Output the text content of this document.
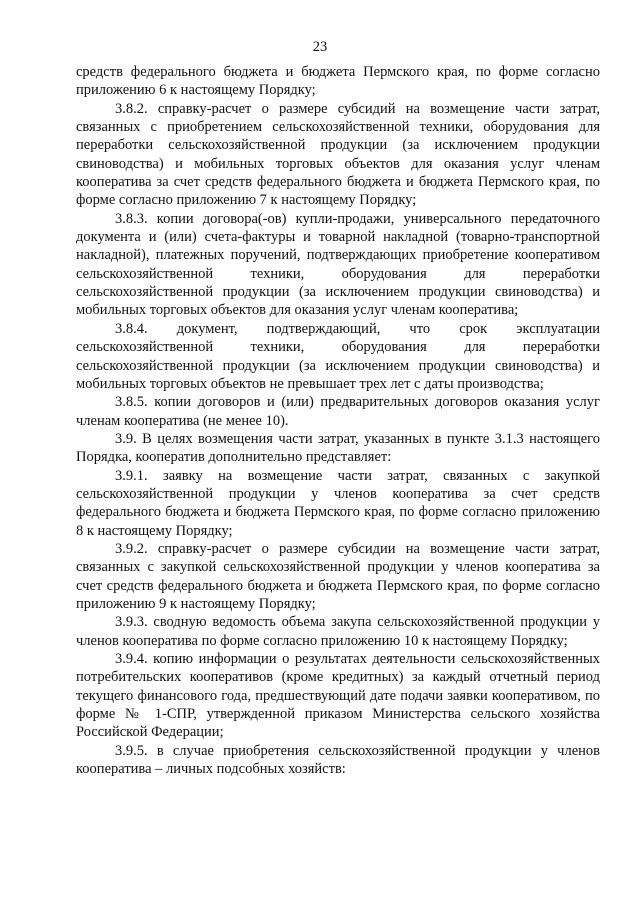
23

средств федерального бюджета и бюджета Пермского края, по форме согласно приложению 6 к настоящему Порядку;

3.8.2. справку-расчет о размере субсидий на возмещение части затрат, связанных с приобретением сельскохозяйственной техники, оборудования для переработки сельскохозяйственной продукции (за исключением продукции свиноводства) и мобильных торговых объектов для оказания услуг членам кооператива за счет средств федерального бюджета и бюджета Пермского края, по форме согласно приложению 7 к настоящему Порядку;

3.8.3. копии договора(-ов) купли-продажи, универсального передаточного документа и (или) счета-фактуры и товарной накладной (товарно-транспортной накладной), платежных поручений, подтверждающих приобретение кооперативом сельскохозяйственной техники, оборудования для переработки сельскохозяйственной продукции (за исключением продукции свиноводства) и мобильных торговых объектов для оказания услуг членам кооператива;

3.8.4. документ, подтверждающий, что срок эксплуатации сельскохозяйственной техники, оборудования для переработки сельскохозяйственной продукции (за исключением продукции свиноводства) и мобильных торговых объектов не превышает трех лет с даты производства;

3.8.5. копии договоров и (или) предварительных договоров оказания услуг членам кооператива (не менее 10).

3.9. В целях возмещения части затрат, указанных в пункте 3.1.3 настоящего Порядка, кооператив дополнительно представляет:

3.9.1. заявку на возмещение части затрат, связанных с закупкой сельскохозяйственной продукции у членов кооператива за счет средств федерального бюджета и бюджета Пермского края, по форме согласно приложению 8 к настоящему Порядку;

3.9.2. справку-расчет о размере субсидии на возмещение части затрат, связанных с закупкой сельскохозяйственной продукции у членов кооператива за счет средств федерального бюджета и бюджета Пермского края, по форме согласно приложению 9 к настоящему Порядку;

3.9.3. сводную ведомость объема закупа сельскохозяйственной продукции у членов кооператива по форме согласно приложению 10 к настоящему Порядку;

3.9.4. копию информации о результатах деятельности сельскохозяйственных потребительских кооперативов (кроме кредитных) за каждый отчетный период текущего финансового года, предшествующий дате подачи заявки кооперативом, по форме № 1-СПР, утвержденной приказом Министерства сельского хозяйства Российской Федерации;

3.9.5. в случае приобретения сельскохозяйственной продукции у членов кооператива – личных подсобных хозяйств:
